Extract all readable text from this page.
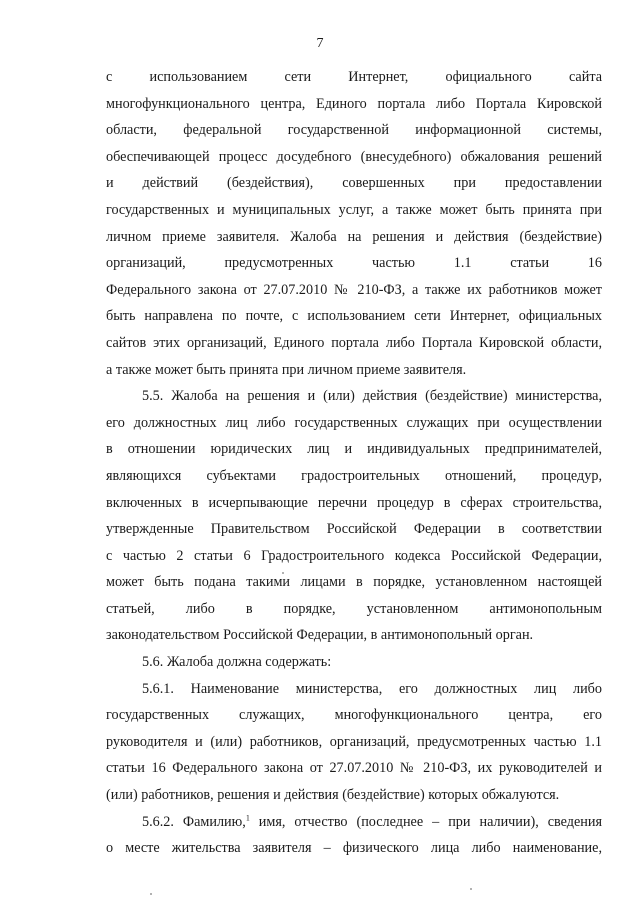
7
с использованием сети Интернет, официального сайта
многофункционального центра, Единого портала либо Портала Кировской
области, федеральной государственной информационной системы,
обеспечивающей процесс досудебного (внесудебного) обжалования решений
и действий (бездействия), совершенных при предоставлении
государственных и муниципальных услуг, а также может быть принята при
личном приеме заявителя. Жалоба на решения и действия (бездействие)
организаций, предусмотренных частью 1.1 статьи 16
Федерального закона от 27.07.2010 № 210-ФЗ, а также их работников может
быть направлена по почте, с использованием сети Интернет, официальных
сайтов этих организаций, Единого портала либо Портала Кировской области,
а также может быть принята при личном приеме заявителя.
5.5. Жалоба на решения и (или) действия (бездействие) министерства,
его должностных лиц либо государственных служащих при осуществлении
в отношении юридических лиц и индивидуальных предпринимателей,
являющихся субъектами градостроительных отношений, процедур,
включенных в исчерпывающие перечни процедур в сферах строительства,
утвержденные Правительством Российской Федерации в соответствии
с частью 2 статьи 6 Градостроительного кодекса Российской Федерации,
может быть подана такими лицами в порядке, установленном настоящей
статьей, либо в порядке, установленном антимонопольным
законодательством Российской Федерации, в антимонопольный орган.
5.6. Жалоба должна содержать:
5.6.1. Наименование министерства, его должностных лиц либо
государственных служащих, многофункционального центра, его
руководителя и (или) работников, организаций, предусмотренных частью 1.1
статьи 16 Федерального закона от 27.07.2010 № 210-ФЗ, их руководителей и
(или) работников, решения и действия (бездействие) которых обжалуются.
5.6.2. Фамилию,$^1$ имя, отчество (последнее – при наличии), сведения
о месте жительства заявителя – физического лица либо наименование,
